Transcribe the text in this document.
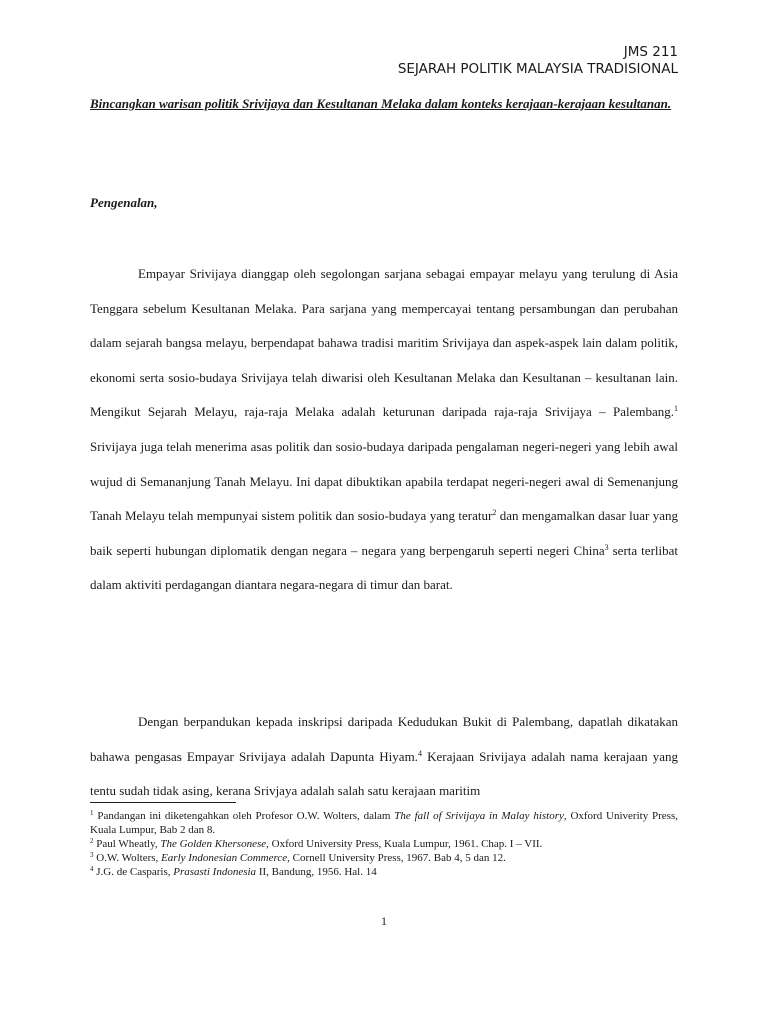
JMS 211
SEJARAH POLITIK MALAYSIA TRADISIONAL
Bincangkan warisan politik Srivijaya dan Kesultanan Melaka dalam konteks kerajaan-kerajaan kesultanan.
Pengenalan,

Empayar Srivijaya dianggap oleh segolongan sarjana sebagai empayar melayu yang terulung di Asia Tenggara sebelum Kesultanan Melaka. Para sarjana yang mempercayai tentang persambungan dan perubahan dalam sejarah bangsa melayu, berpendapat bahawa tradisi maritim Srivijaya dan aspek-aspek lain dalam politik, ekonomi serta sosio-budaya Srivijaya telah diwarisi oleh Kesultanan Melaka dan Kesultanan – kesultanan lain. Mengikut Sejarah Melayu, raja-raja Melaka adalah keturunan daripada raja-raja Srivijaya – Palembang.$^1$ Srivijaya juga telah menerima asas politik dan sosio-budaya daripada pengalaman negeri-negeri yang lebih awal wujud di Semananjung Tanah Melayu. Ini dapat dibuktikan apabila terdapat negeri-negeri awal di Semenanjung Tanah Melayu telah mempunyai sistem politik dan sosio-budaya yang teratur$^2$ dan mengamalkan dasar luar yang baik seperti hubungan diplomatik dengan negara – negara yang berpengaruh seperti negeri China$^3$ serta terlibat dalam aktiviti perdagangan diantara negara-negara di timur dan barat.

Dengan berpandukan kepada inskripsi daripada Kedudukan Bukit di Palembang, dapatlah dikatakan bahawa pengasas Empayar Srivijaya adalah Dapunta Hiyam.$^4$ Kerajaan Srivijaya adalah nama kerajaan yang tentu sudah tidak asing, kerana Srivjaya adalah salah satu kerajaan maritim

$^1$ Pandangan ini diketengahkan oleh Profesor O.W. Wolters, dalam The fall of Srivijaya in Malay history, Oxford Univerity Press, Kuala Lumpur, Bab 2 dan 8.

$^2$ Paul Wheatly, The Golden Khersonese, Oxford University Press, Kuala Lumpur, 1961. Chap. I – VII.

$^3$ O.W. Wolters, Early Indonesian Commerce, Cornell University Press, 1967. Bab 4, 5 dan 12.

$^4$ J.G. de Casparis, Prasasti Indonesia II, Bandung, 1956. Hal. 14

1
